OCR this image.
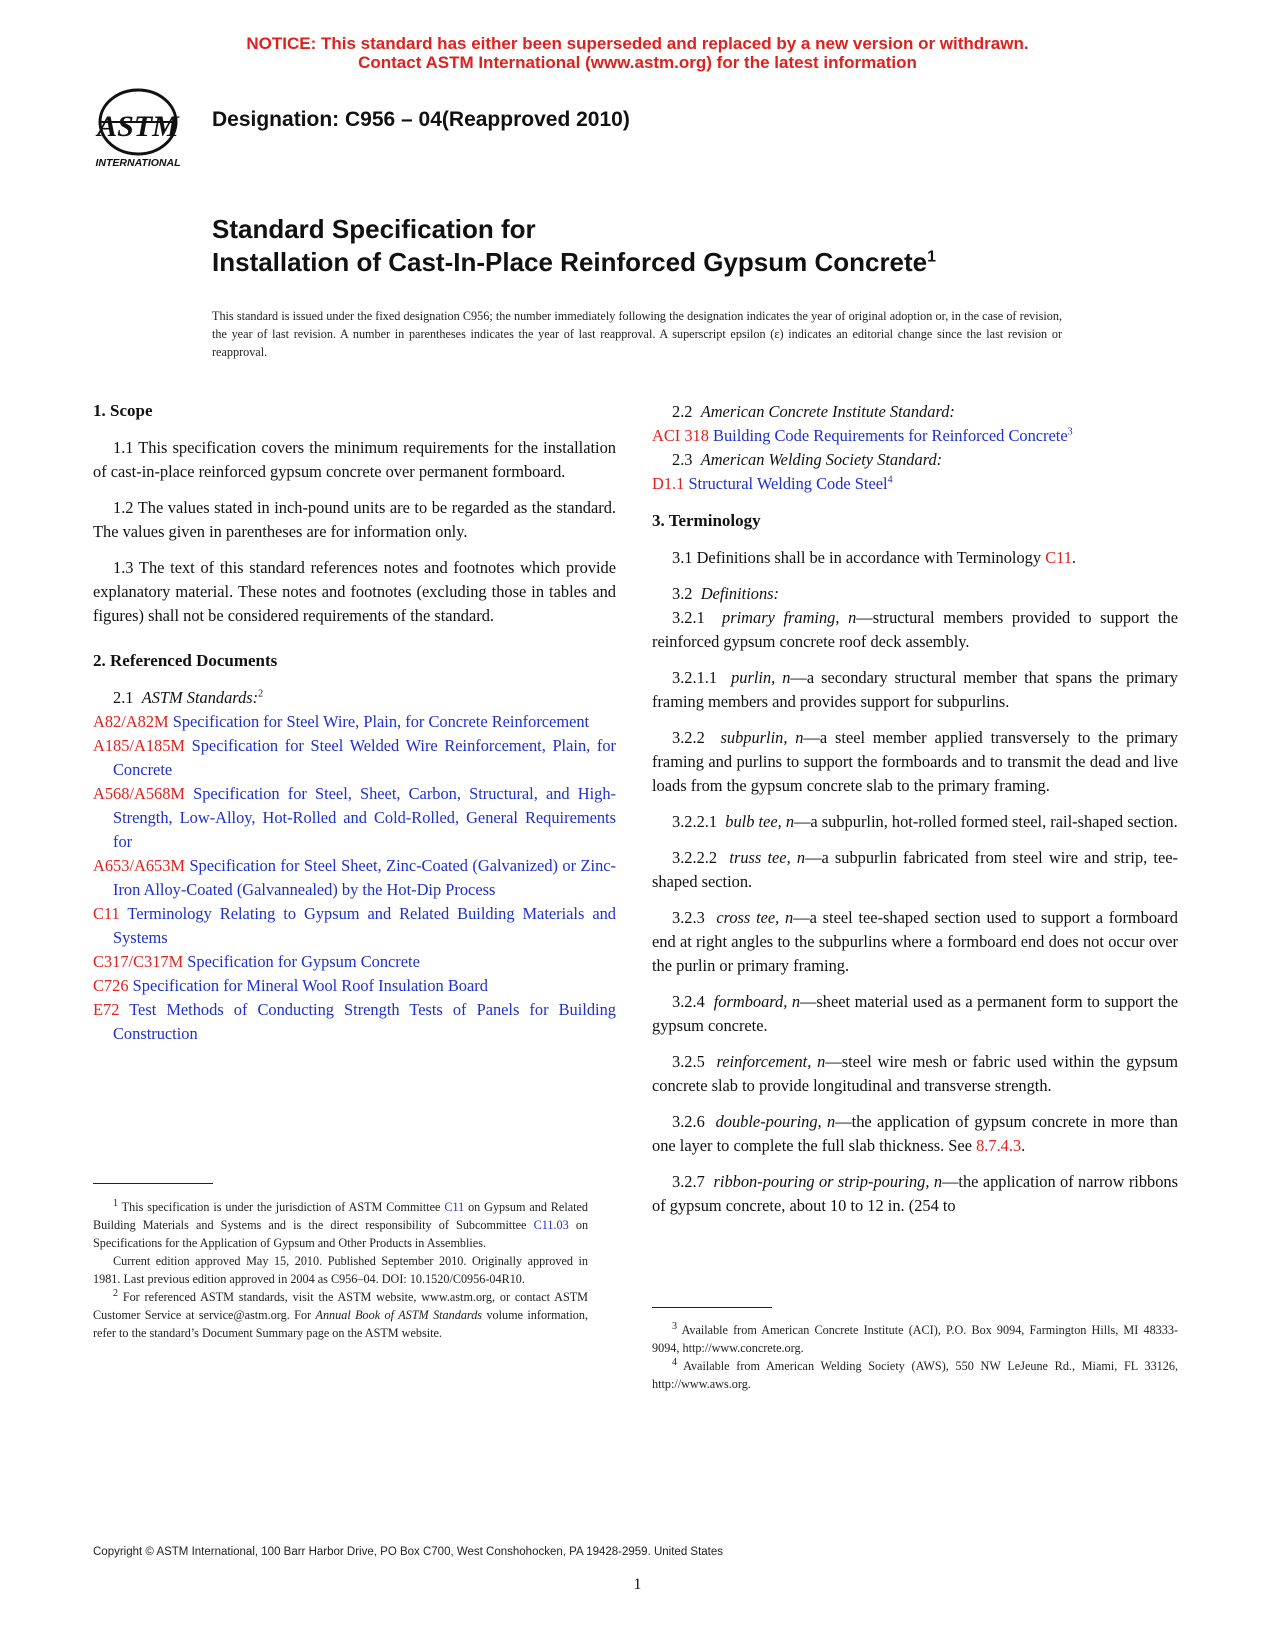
NOTICE: This standard has either been superseded and replaced by a new version or withdrawn.
Contact ASTM International (www.astm.org) for the latest information
ASTM
INTERNATIONAL
Designation: C956 – 04(Reapproved 2010)
Standard Specification for
Installation of Cast-In-Place Reinforced Gypsum Concrete$^1$
This standard is issued under the fixed designation C956; the number immediately following the designation indicates the year of original adoption or, in the case of revision, the year of last revision. A number in parentheses indicates the year of last reapproval. A superscript epsilon (ε) indicates an editorial change since the last revision or reapproval.
1. Scope

1.1 This specification covers the minimum requirements for the installation of cast-in-place reinforced gypsum concrete over permanent formboard.

1.2 The values stated in inch-pound units are to be regarded as the standard. The values given in parentheses are for information only.

1.3 The text of this standard references notes and footnotes which provide explanatory material. These notes and footnotes (excluding those in tables and figures) shall not be considered requirements of the standard.

2. Referenced Documents

2.1 ASTM Standards:$^2$

A82/A82M Specification for Steel Wire, Plain, for Concrete Reinforcement

A185/A185M Specification for Steel Welded Wire Reinforcement, Plain, for Concrete

A568/A568M Specification for Steel, Sheet, Carbon, Structural, and High-Strength, Low-Alloy, Hot-Rolled and Cold-Rolled, General Requirements for

A653/A653M Specification for Steel Sheet, Zinc-Coated (Galvanized) or Zinc-Iron Alloy-Coated (Galvannealed) by the Hot-Dip Process

C11 Terminology Relating to Gypsum and Related Building Materials and Systems

C317/C317M Specification for Gypsum Concrete

C726 Specification for Mineral Wool Roof Insulation Board

E72 Test Methods of Conducting Strength Tests of Panels for Building Construction

$^1$ This specification is under the jurisdiction of ASTM Committee C11 on Gypsum and Related Building Materials and Systems and is the direct responsibility of Subcommittee C11.03 on Specifications for the Application of Gypsum and Other Products in Assemblies.

Current edition approved May 15, 2010. Published September 2010. Originally approved in 1981. Last previous edition approved in 2004 as C956–04. DOI: 10.1520/C0956-04R10.

$^2$ For referenced ASTM standards, visit the ASTM website, www.astm.org, or contact ASTM Customer Service at service@astm.org. For Annual Book of ASTM Standards volume information, refer to the standard’s Document Summary page on the ASTM website.

2.2 American Concrete Institute Standard:

ACI 318 Building Code Requirements for Reinforced Concrete$^3$

2.3 American Welding Society Standard:

D1.1 Structural Welding Code Steel$^4$

3. Terminology

3.1 Definitions shall be in accordance with Terminology C11.

3.2 Definitions:

3.2.1 primary framing, n—structural members provided to support the reinforced gypsum concrete roof deck assembly.

3.2.1.1 purlin, n—a secondary structural member that spans the primary framing members and provides support for subpurlins.

3.2.2 subpurlin, n—a steel member applied transversely to the primary framing and purlins to support the formboards and to transmit the dead and live loads from the gypsum concrete slab to the primary framing.

3.2.2.1 bulb tee, n—a subpurlin, hot-rolled formed steel, rail-shaped section.

3.2.2.2 truss tee, n—a subpurlin fabricated from steel wire and strip, tee-shaped section.

3.2.3 cross tee, n—a steel tee-shaped section used to support a formboard end at right angles to the subpurlins where a formboard end does not occur over the purlin or primary framing.

3.2.4 formboard, n—sheet material used as a permanent form to support the gypsum concrete.

3.2.5 reinforcement, n—steel wire mesh or fabric used within the gypsum concrete slab to provide longitudinal and transverse strength.

3.2.6 double-pouring, n—the application of gypsum concrete in more than one layer to complete the full slab thickness. See 8.7.4.3.

3.2.7 ribbon-pouring or strip-pouring, n—the application of narrow ribbons of gypsum concrete, about 10 to 12 in. (254 to

$^3$ Available from American Concrete Institute (ACI), P.O. Box 9094, Farmington Hills, MI 48333-9094, http://www.concrete.org.

$^4$ Available from American Welding Society (AWS), 550 NW LeJeune Rd., Miami, FL 33126, http://www.aws.org.

Copyright © ASTM International, 100 Barr Harbor Drive, PO Box C700, West Conshohocken, PA 19428-2959. United States
1
